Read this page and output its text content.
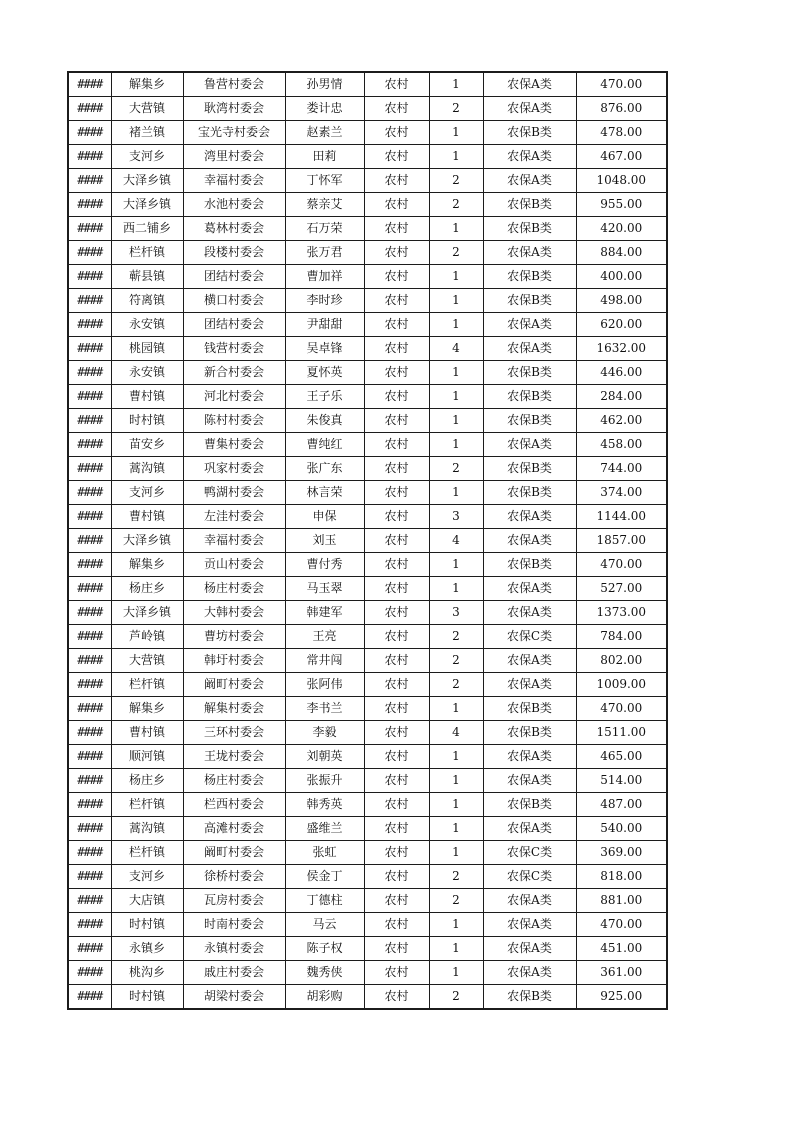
####	解集乡	鲁营村委会	孙男情	农村	1	农保A类	470.00
####	大营镇	耿湾村委会	娄计忠	农村	2	农保A类	876.00
####	褚兰镇	宝光寺村委会	赵素兰	农村	1	农保B类	478.00
####	支河乡	湾里村委会	田莉	农村	1	农保A类	467.00
####	大泽乡镇	幸福村委会	丁怀军	农村	2	农保A类	1048.00
####	大泽乡镇	水池村委会	蔡亲艾	农村	2	农保B类	955.00
####	西二铺乡	葛林村委会	石万荣	农村	1	农保B类	420.00
####	栏杆镇	段楼村委会	张万君	农村	2	农保A类	884.00
####	蕲县镇	团结村委会	曹加祥	农村	1	农保B类	400.00
####	符离镇	横口村委会	李时珍	农村	1	农保B类	498.00
####	永安镇	团结村委会	尹甜甜	农村	1	农保A类	620.00
####	桃园镇	钱营村委会	吴卓锋	农村	4	农保A类	1632.00
####	永安镇	新合村委会	夏怀英	农村	1	农保B类	446.00
####	曹村镇	河北村委会	王子乐	农村	1	农保B类	284.00
####	时村镇	陈村村委会	朱俊真	农村	1	农保B类	462.00
####	苗安乡	曹集村委会	曹纯红	农村	1	农保A类	458.00
####	蒿沟镇	巩家村委会	张广东	农村	2	农保B类	744.00
####	支河乡	鸭湖村委会	林言荣	农村	1	农保B类	374.00
####	曹村镇	左洼村委会	申保	农村	3	农保A类	1144.00
####	大泽乡镇	幸福村委会	刘玉	农村	4	农保A类	1857.00
####	解集乡	贡山村委会	曹付秀	农村	1	农保B类	470.00
####	杨庄乡	杨庄村委会	马玉翠	农村	1	农保A类	527.00
####	大泽乡镇	大韩村委会	韩建军	农村	3	农保A类	1373.00
####	芦岭镇	曹坊村委会	王亮	农村	2	农保C类	784.00
####	大营镇	韩圩村委会	常井闯	农村	2	农保A类	802.00
####	栏杆镇	阚町村委会	张阿伟	农村	2	农保A类	1009.00
####	解集乡	解集村委会	李书兰	农村	1	农保B类	470.00
####	曹村镇	三环村委会	李毅	农村	4	农保B类	1511.00
####	顺河镇	王垅村委会	刘朝英	农村	1	农保A类	465.00
####	杨庄乡	杨庄村委会	张振升	农村	1	农保A类	514.00
####	栏杆镇	栏西村委会	韩秀英	农村	1	农保B类	487.00
####	蒿沟镇	高滩村委会	盛维兰	农村	1	农保A类	540.00
####	栏杆镇	阚町村委会	张虹	农村	1	农保C类	369.00
####	支河乡	徐桥村委会	侯金丁	农村	2	农保C类	818.00
####	大店镇	瓦房村委会	丁德柱	农村	2	农保A类	881.00
####	时村镇	时南村委会	马云	农村	1	农保A类	470.00
####	永镇乡	永镇村委会	陈子权	农村	1	农保A类	451.00
####	桃沟乡	戚庄村委会	魏秀侠	农村	1	农保A类	361.00
####	时村镇	胡梁村委会	胡彩购	农村	2	农保B类	925.00
